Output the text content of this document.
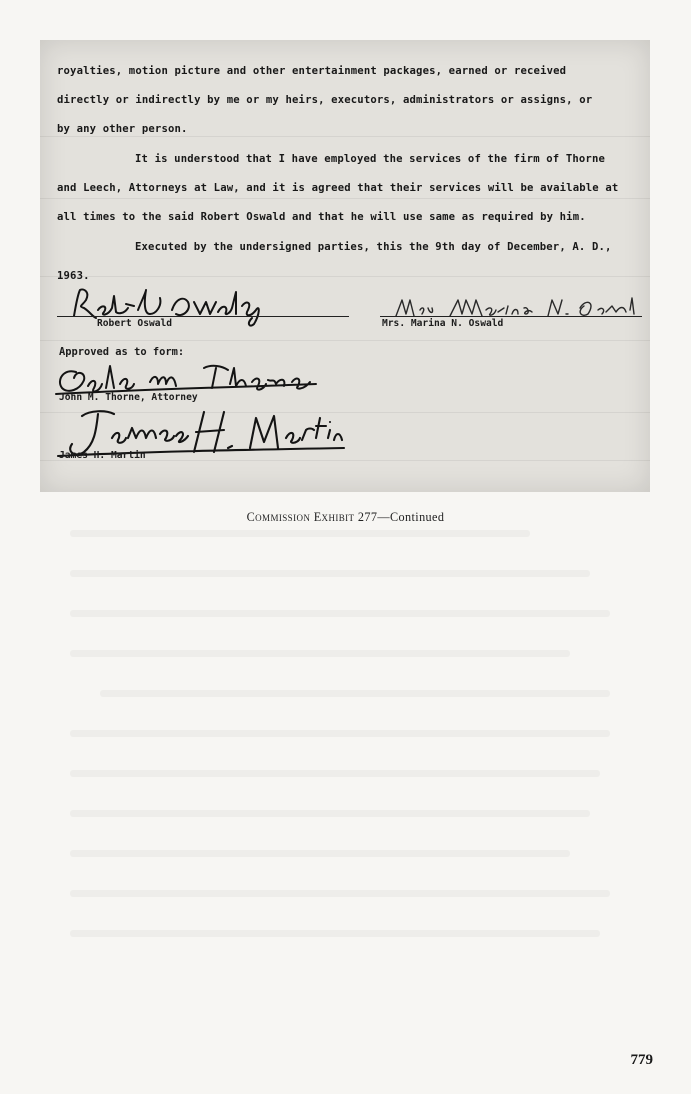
royalties, motion picture and other entertainment packages, earned or received
directly or indirectly by me or my heirs, executors, administrators or assigns, or
by any other person.
It is understood that I have employed the services of the firm of Thorne
and Leech, Attorneys at Law, and it is agreed that their services will be available at
all times to the said Robert Oswald and that he will use same as required by him.
Executed by the undersigned parties, this the 9th day of December, A. D.,
1963.
Robert Oswald	Mrs. Marina N. Oswald
Approved as to form:
John M. Thorne, Attorney
James H. Martin
Commission Exhibit 277—Continued
779
